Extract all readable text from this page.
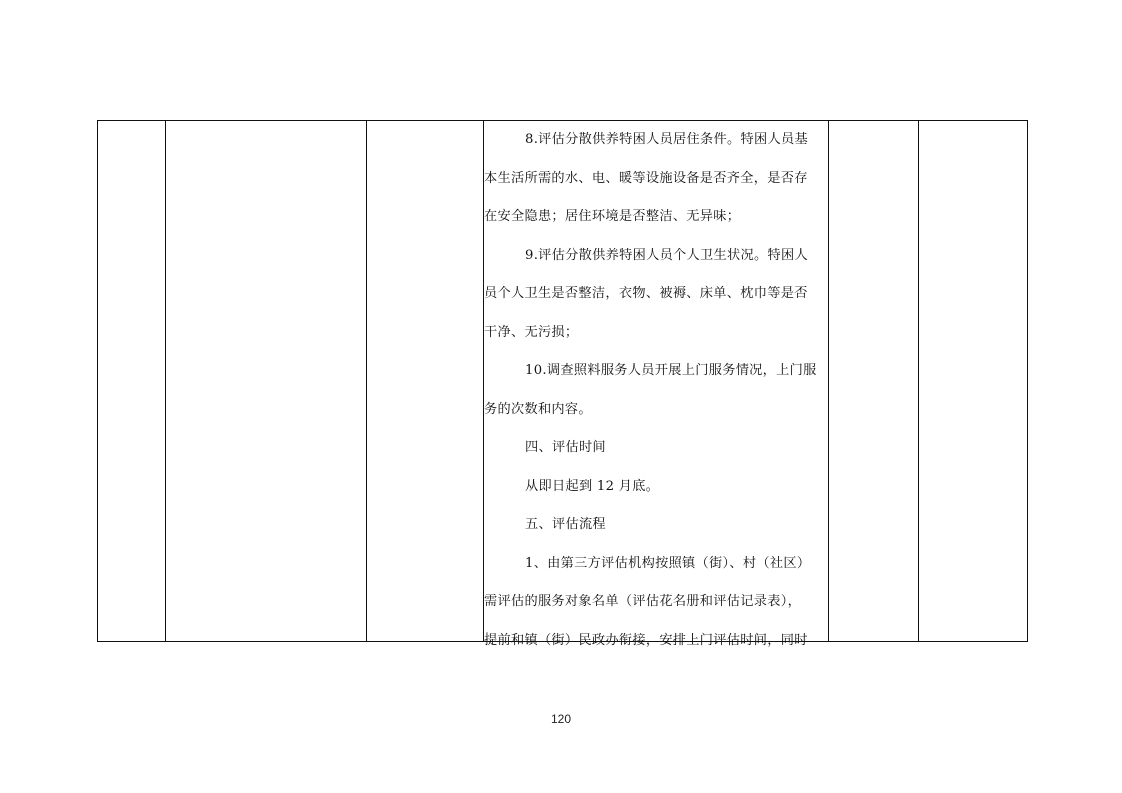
8.评估分散供养特困人员居住条件。特困人员基
本生活所需的水、电、暖等设施设备是否齐全，是否存
在安全隐患；居住环境是否整洁、无异味；

9.评估分散供养特困人员个人卫生状况。特困人
员个人卫生是否整洁，衣物、被褥、床单、枕巾等是否
干净、无污损；

10.调查照料服务人员开展上门服务情况，上门服
务的次数和内容。

四、评估时间

从即日起到 12 月底。

五、评估流程

1、由第三方评估机构按照镇（街）、村（社区）
需评估的服务对象名单（评估花名册和评估记录表），
提前和镇（街）民政办衔接，安排上门评估时间，同时

120
